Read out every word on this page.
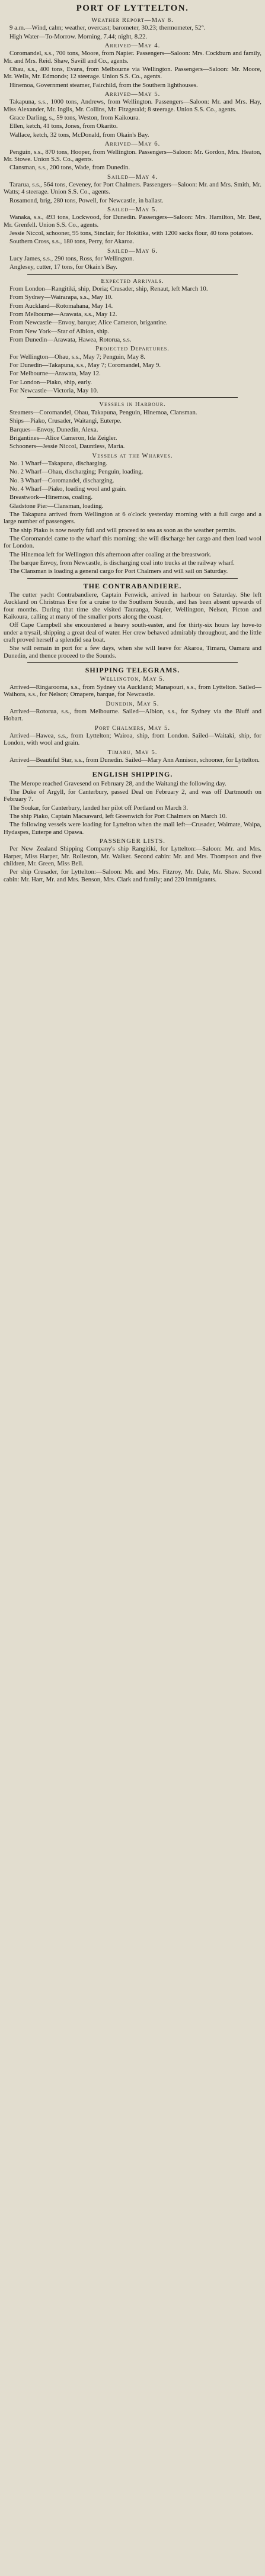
PORT OF LYTTELTON.
Weather Report—May 8.
9 a.m.—Wind, calm; weather, overcast; barometer, 30.23; thermometer, 52°.
High Water—To-Morrow. Morning, 7.44; night, 8.22.
Arrived—May 4.
Coromandel, s.s., 700 tons, Moore, from Napier. Passengers—Saloon: Mrs. Cockburn and family, Mr. and Mrs. Reid. Shaw, Savill and Co., agents.
Ohau, s.s., 400 tons, Evans, from Melbourne via Wellington. Passengers—Saloon: Mr. Moore, Mr. Wells, Mr. Edmonds; 12 steerage. Union S.S. Co., agents.
Hinemoa, Government steamer, Fairchild, from the Southern lighthouses.
Arrived—May 5.
Takapuna, s.s., 1000 tons, Andrews, from Wellington. Passengers—Saloon: Mr. and Mrs. Hay, Miss Alexander, Mr. Inglis, Mr. Collins, Mr. Fitzgerald; 8 steerage. Union S.S. Co., agents.
Grace Darling, s., 59 tons, Weston, from Kaikoura.
Ellen, ketch, 41 tons, Jones, from Okarito.
Wallace, ketch, 32 tons, McDonald, from Okain's Bay.
Arrived—May 6.
Penguin, s.s., 870 tons, Hooper, from Wellington. Passengers—Saloon: Mr. Gordon, Mrs. Heaton, Mr. Stowe. Union S.S. Co., agents.
Clansman, s.s., 200 tons, Wade, from Dunedin.
Sailed—May 4.
Tararua, s.s., 564 tons, Ceveney, for Port Chalmers. Passengers—Saloon: Mr. and Mrs. Smith, Mr. Watts; 4 steerage. Union S.S. Co., agents.
Rosamond, brig, 280 tons, Powell, for Newcastle, in ballast.
Sailed—May 5.
Wanaka, s.s., 493 tons, Lockwood, for Dunedin. Passengers—Saloon: Mrs. Hamilton, Mr. Best, Mr. Grenfell. Union S.S. Co., agents.
Jessie Niccol, schooner, 95 tons, Sinclair, for Hokitika, with 1200 sacks flour, 40 tons potatoes.
Southern Cross, s.s., 180 tons, Perry, for Akaroa.
Sailed—May 6.
Lucy James, s.s., 290 tons, Ross, for Wellington.
Anglesey, cutter, 17 tons, for Okain's Bay.
Expected Arrivals.
From London—Rangitiki, ship, Doria; Crusader, ship, Renaut, left March 10.
From Sydney—Wairarapa, s.s., May 10.
From Auckland—Rotomahana, May 14.
From Melbourne—Arawata, s.s., May 12.
From Newcastle—Envoy, barque; Alice Cameron, brigantine.
From New York—Star of Albion, ship.
From Dunedin—Arawata, Hawea, Rotorua, s.s.
Projected Departures.
For Wellington—Ohau, s.s., May 7; Penguin, May 8.
For Dunedin—Takapuna, s.s., May 7; Coromandel, May 9.
For Melbourne—Arawata, May 12.
For London—Piako, ship, early.
For Newcastle—Victoria, May 10.
Vessels in Harbour.
Steamers—Coromandel, Ohau, Takapuna, Penguin, Hinemoa, Clansman.
Ships—Piako, Crusader, Waitangi, Euterpe.
Barques—Envoy, Dunedin, Alexa.
Brigantines—Alice Cameron, Ida Zeigler.
Schooners—Jessie Niccol, Dauntless, Maria.
Vessels at the Wharves.
No. 1 Wharf—Takapuna, discharging.
No. 2 Wharf—Ohau, discharging; Penguin, loading.
No. 3 Wharf—Coromandel, discharging.
No. 4 Wharf—Piako, loading wool and grain.
Breastwork—Hinemoa, coaling.
Gladstone Pier—Clansman, loading.
The Takapuna arrived from Wellington at 6 o'clock yesterday morning with a full cargo and a large number of passengers.
The ship Piako is now nearly full and will proceed to sea as soon as the weather permits.
The Coromandel came to the wharf this morning; she will discharge her cargo and then load wool for London.
The Hinemoa left for Wellington this afternoon after coaling at the breastwork.
The barque Envoy, from Newcastle, is discharging coal into trucks at the railway wharf.
The Clansman is loading a general cargo for Port Chalmers and will sail on Saturday.
THE CONTRABANDIERE.
The cutter yacht Contrabandiere, Captain Fenwick, arrived in harbour on Saturday. She left Auckland on Christmas Eve for a cruise to the Southern Sounds, and has been absent upwards of four months. During that time she visited Tauranga, Napier, Wellington, Nelson, Picton and Kaikoura, calling at many of the smaller ports along the coast.
Off Cape Campbell she encountered a heavy south-easter, and for thirty-six hours lay hove-to under a trysail, shipping a great deal of water. Her crew behaved admirably throughout, and the little craft proved herself a splendid sea boat.
She will remain in port for a few days, when she will leave for Akaroa, Timaru, Oamaru and Dunedin, and thence proceed to the Sounds.
SHIPPING TELEGRAMS.
Wellington, May 5.
Arrived—Ringarooma, s.s., from Sydney via Auckland; Manapouri, s.s., from Lyttelton. Sailed—Waihora, s.s., for Nelson; Omapere, barque, for Newcastle.
Dunedin, May 5.
Arrived—Rotorua, s.s., from Melbourne. Sailed—Albion, s.s., for Sydney via the Bluff and Hobart.
Port Chalmers, May 5.
Arrived—Hawea, s.s., from Lyttelton; Wairoa, ship, from London. Sailed—Waitaki, ship, for London, with wool and grain.
Timaru, May 5.
Arrived—Beautiful Star, s.s., from Dunedin. Sailed—Mary Ann Annison, schooner, for Lyttelton.
ENGLISH SHIPPING.
The Merope reached Gravesend on February 28, and the Waitangi the following day.
The Duke of Argyll, for Canterbury, passed Deal on February 2, and was off Dartmouth on February 7.
The Soukar, for Canterbury, landed her pilot off Portland on March 3.
The ship Piako, Captain Macsaward, left Greenwich for Port Chalmers on March 10.
The following vessels were loading for Lyttelton when the mail left—Crusader, Waimate, Waipa, Hydaspes, Euterpe and Opawa.
PASSENGER LISTS.
Per New Zealand Shipping Company's ship Rangitiki, for Lyttelton:—Saloon: Mr. and Mrs. Harper, Miss Harper, Mr. Rolleston, Mr. Walker. Second cabin: Mr. and Mrs. Thompson and five children, Mr. Green, Miss Bell.
Per ship Crusader, for Lyttelton:—Saloon: Mr. and Mrs. Fitzroy, Mr. Dale, Mr. Shaw. Second cabin: Mr. Hart, Mr. and Mrs. Benson, Mrs. Clark and family; and 220 immigrants.
